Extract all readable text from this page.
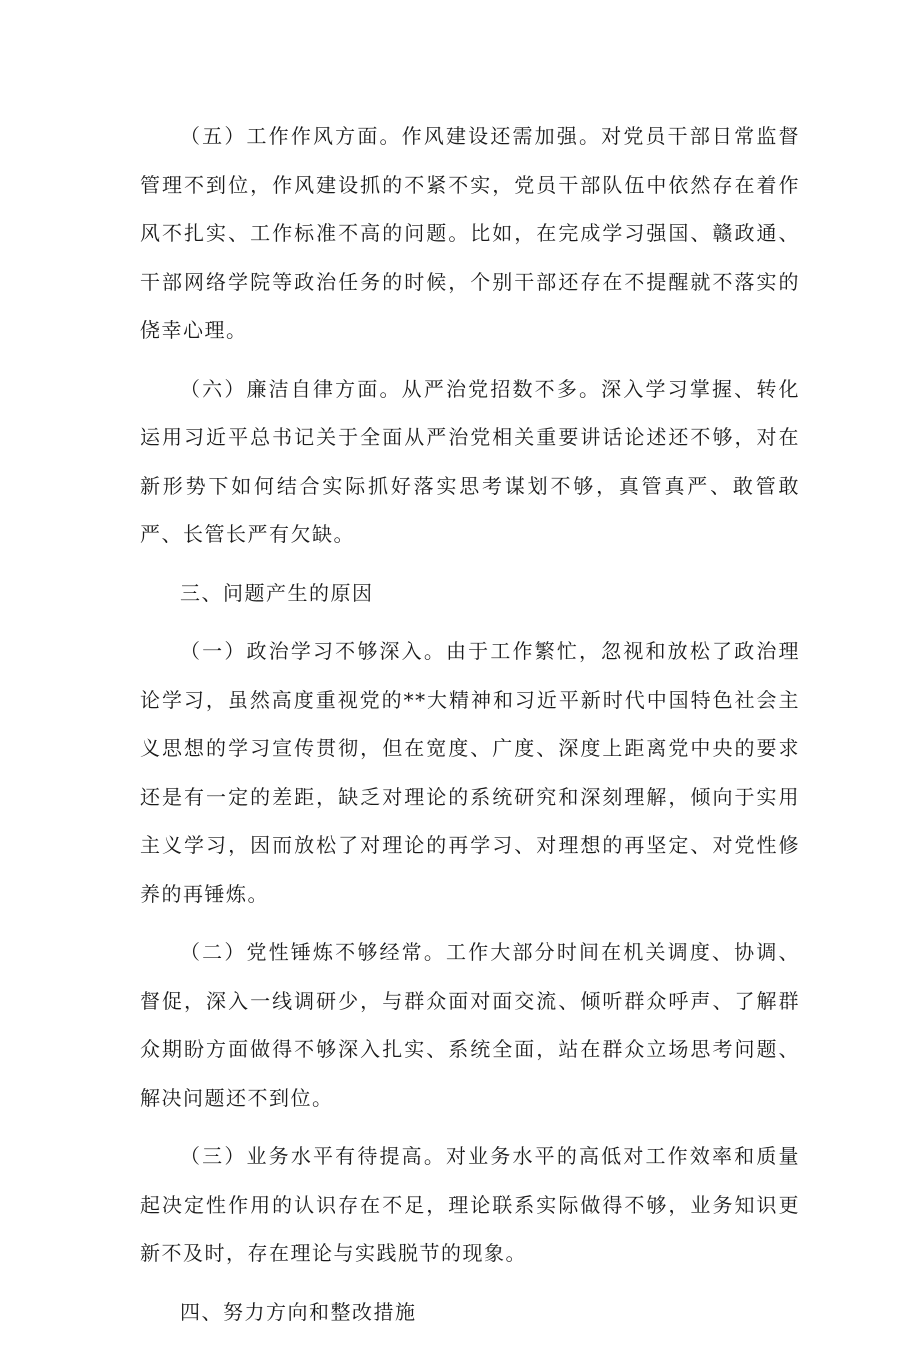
（五）工作作风方面。作风建设还需加强。对党员干部日常监督管理不到位，作风建设抓的不紧不实，党员干部队伍中依然存在着作风不扎实、工作标准不高的问题。比如，在完成学习强国、赣政通、干部网络学院等政治任务的时候，个别干部还存在不提醒就不落实的侥幸心理。

（六）廉洁自律方面。从严治党招数不多。深入学习掌握、转化运用习近平总书记关于全面从严治党相关重要讲话论述还不够，对在新形势下如何结合实际抓好落实思考谋划不够，真管真严、敢管敢严、长管长严有欠缺。

三、问题产生的原因

（一）政治学习不够深入。由于工作繁忙，忽视和放松了政治理论学习，虽然高度重视党的**大精神和习近平新时代中国特色社会主义思想的学习宣传贯彻，但在宽度、广度、深度上距离党中央的要求还是有一定的差距，缺乏对理论的系统研究和深刻理解，倾向于实用主义学习，因而放松了对理论的再学习、对理想的再坚定、对党性修养的再锤炼。

（二）党性锤炼不够经常。工作大部分时间在机关调度、协调、督促，深入一线调研少，与群众面对面交流、倾听群众呼声、了解群众期盼方面做得不够深入扎实、系统全面，站在群众立场思考问题、解决问题还不到位。

（三）业务水平有待提高。对业务水平的高低对工作效率和质量起决定性作用的认识存在不足，理论联系实际做得不够，业务知识更新不及时，存在理论与实践脱节的现象。

四、努力方向和整改措施
